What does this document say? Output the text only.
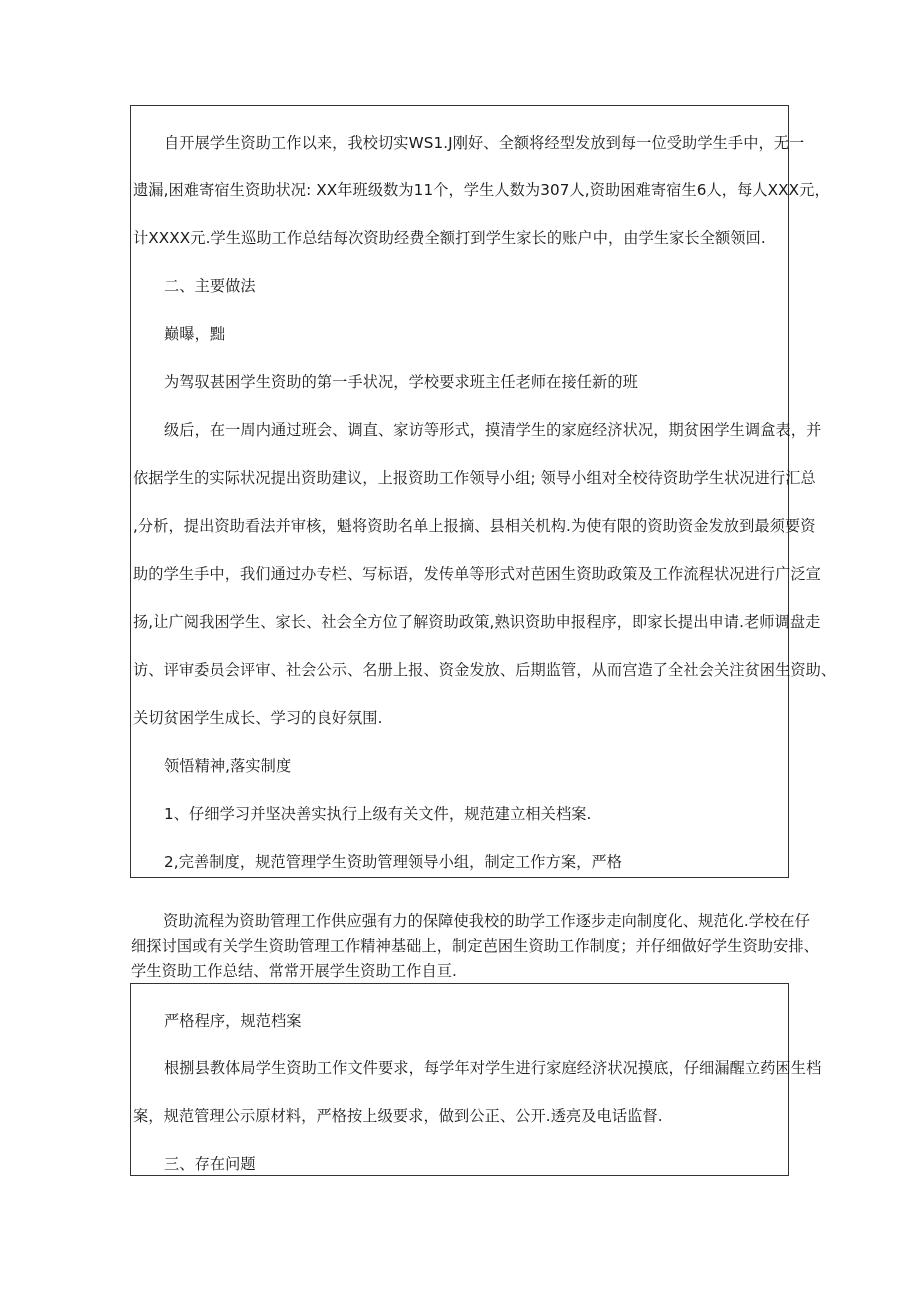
自开展学生资助工作以来，我校切实WS1.J刚好、全额将经型发放到每一位受助学生手中，无一
遗漏,困难寄宿生资助状况: XX年班级数为11个，学生人数为307人,资助困难寄宿生6人，每人XXX元，
计XXXX元.学生巡助工作总结每次资助经费全额打到学生家长的账户中，由学生家长全额领回.
二、主要做法
巅曝，黜
为驾驭甚困学生资助的第一手状况，学校要求班主任老师在接任新的班
级后，在一周内通过班会、调直、家访等形式，摸清学生的家庭经济状况，期贫困学生调盒表，并
依据学生的实际状况提出资助建议，上报资助工作领导小组; 领导小组对全校待资助学生状况进行汇总
,分析，提出资助看法并审核，魁将资助名单上报摘、县相关机构.为使有限的资助资金发放到最须要资
助的学生手中，我们通过办专栏、写标语，发传单等形式对芭困生资助政策及工作流程状况进行广泛宣
扬,让广阅我困学生、家长、社会全方位了解资助政策,熟识资助申报程序，即家长提出申请.老师调盘走
访、评审委员会评审、社会公示、名册上报、资金发放、后期监管，从而宫造了全社会关注贫困生资助、
关切贫困学生成长、学习的良好氛围.
领悟精神,落实制度
1、仔细学习并坚决善实执行上级有关文件，规范建立相关档案.
2,完善制度，规范管理学生资助管理领导小组，制定工作方案，严格
资助流程为资助管理工作供应强有力的保障使我校的助学工作逐步走向制度化、规范化.学校在仔
细探讨国或有关学生资助管理工作精神基础上，制定芭困生资助工作制度；并仔细做好学生资助安排、
学生资助工作总结、常常开展学生资助工作自亘.
严格程序，规范档案
根捌县教体局学生资助工作文件要求，每学年对学生进行家庭经济状况摸底，仔细漏醒立药困生档
案，规范管理公示原材料，严格按上级要求，做到公正、公开.透亮及电话监督.
三、存在问题
